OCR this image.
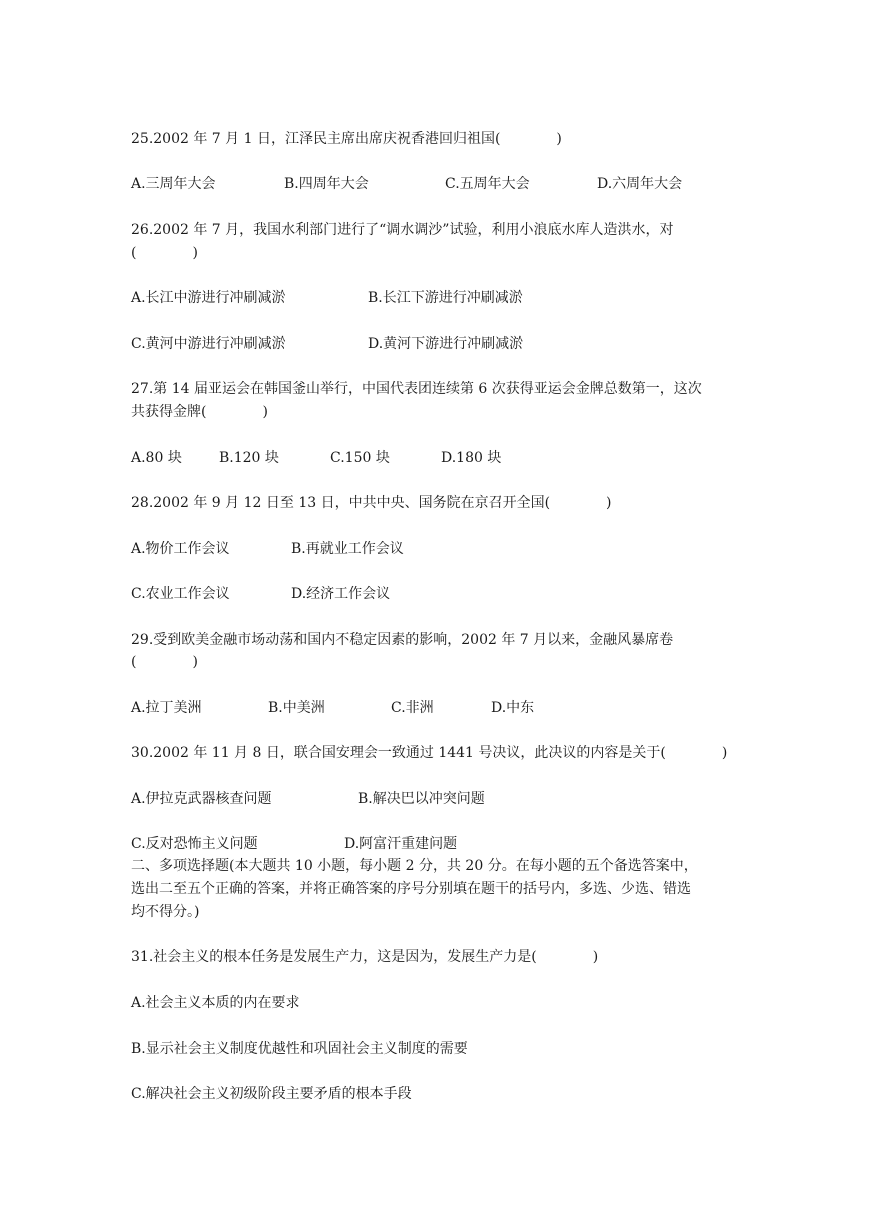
25.2002 年 7 月 1 日，江泽民主席出席庆祝香港回归祖国(　　　　)

A.三周年大会	B.四周年大会	C.五周年大会	D.六周年大会

26.2002 年 7 月，我国水利部门进行了“调水调沙”试验，利用小浪底水库人造洪水，对

(　　　　)

A.长江中游进行冲刷减淤	B.长江下游进行冲刷减淤
C.黄河中游进行冲刷减淤	D.黄河下游进行冲刷减淤

27.第 14 届亚运会在韩国釜山举行，中国代表团连续第 6 次获得亚运会金牌总数第一，这次

共获得金牌(　　　　)

A.80 块	B.120 块	C.150 块	D.180 块

28.2002 年 9 月 12 日至 13 日，中共中央、国务院在京召开全国(　　　　)

A.物价工作会议	B.再就业工作会议
C.农业工作会议	D.经济工作会议

29.受到欧美金融市场动荡和国内不稳定因素的影响，2002 年 7 月以来，金融风暴席卷

(　　　　)

A.拉丁美洲	B.中美洲	C.非洲	D.中东

30.2002 年 11 月 8 日，联合国安理会一致通过 1441 号决议，此决议的内容是关于(　　　　)

A.伊拉克武器核查问题	B.解决巴以冲突问题
C.反对恐怖主义问题	D.阿富汗重建问题

二、多项选择题(本大题共 10 小题，每小题 2 分，共 20 分。在每小题的五个备选答案中，

选出二至五个正确的答案，并将正确答案的序号分别填在题干的括号内，多选、少选、错选

均不得分。)

31.社会主义的根本任务是发展生产力，这是因为，发展生产力是(　　　　)

A.社会主义本质的内在要求

B.显示社会主义制度优越性和巩固社会主义制度的需要

C.解决社会主义初级阶段主要矛盾的根本手段
